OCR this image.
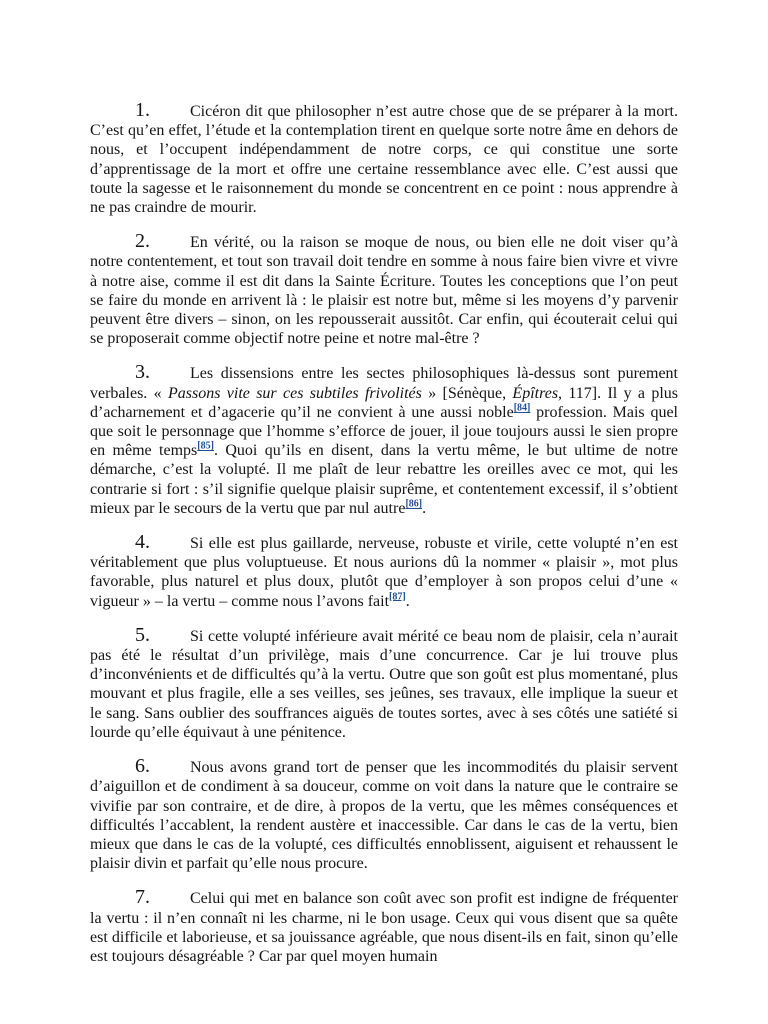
1.	Cicéron dit que philosopher n’est autre chose que de se préparer à la mort. C’est qu’en effet, l’étude et la contemplation tirent en quelque sorte notre âme en dehors de nous, et l’occupent indépendamment de notre corps, ce qui constitue une sorte d’apprentissage de la mort et offre une certaine ressemblance avec elle. C’est aussi que toute la sagesse et le raisonnement du monde se concentrent en ce point : nous apprendre à ne pas craindre de mourir.

2.	En vérité, ou la raison se moque de nous, ou bien elle ne doit viser qu’à notre contentement, et tout son travail doit tendre en somme à nous faire bien vivre et vivre à notre aise, comme il est dit dans la Sainte Écriture. Toutes les conceptions que l’on peut se faire du monde en arrivent là : le plaisir est notre but, même si les moyens d’y parvenir peuvent être divers – sinon, on les repousserait aussitôt. Car enfin, qui écouterait celui qui se proposerait comme objectif notre peine et notre mal-être ?

3.	Les dissensions entre les sectes philosophiques là-dessus sont purement verbales. « Passons vite sur ces subtiles frivolités » [Sénèque, Épîtres, 117]. Il y a plus d’acharnement et d’agacerie qu’il ne convient à une aussi noble[84] profession. Mais quel que soit le personnage que l’homme s’efforce de jouer, il joue toujours aussi le sien propre en même temps[85]. Quoi qu’ils en disent, dans la vertu même, le but ultime de notre démarche, c’est la volupté. Il me plaît de leur rebattre les oreilles avec ce mot, qui les contrarie si fort : s’il signifie quelque plaisir suprême, et contentement excessif, il s’obtient mieux par le secours de la vertu que par nul autre[86].

4.	Si elle est plus gaillarde, nerveuse, robuste et virile, cette volupté n’en est véritablement que plus voluptueuse. Et nous aurions dû la nommer « plaisir », mot plus favorable, plus naturel et plus doux, plutôt que d’employer à son propos celui d’une « vigueur » – la vertu – comme nous l’avons fait[87].

5.	Si cette volupté inférieure avait mérité ce beau nom de plaisir, cela n’aurait pas été le résultat d’un privilège, mais d’une concurrence. Car je lui trouve plus d’inconvénients et de difficultés qu’à la vertu. Outre que son goût est plus momentané, plus mouvant et plus fragile, elle a ses veilles, ses jeûnes, ses travaux, elle implique la sueur et le sang. Sans oublier des souffrances aiguës de toutes sortes, avec à ses côtés une satiété si lourde qu’elle équivaut à une pénitence.

6.	Nous avons grand tort de penser que les incommodités du plaisir servent d’aiguillon et de condiment à sa douceur, comme on voit dans la nature que le contraire se vivifie par son contraire, et de dire, à propos de la vertu, que les mêmes conséquences et difficultés l’accablent, la rendent austère et inaccessible. Car dans le cas de la vertu, bien mieux que dans le cas de la volupté, ces difficultés ennoblissent, aiguisent et rehaussent le plaisir divin et parfait qu’elle nous procure.

7.	Celui qui met en balance son coût avec son profit est indigne de fréquenter la vertu : il n’en connaît ni les charme, ni le bon usage. Ceux qui vous disent que sa quête est difficile et laborieuse, et sa jouissance agréable, que nous disent-ils en fait, sinon qu’elle est toujours désagréable ? Car par quel moyen humain
